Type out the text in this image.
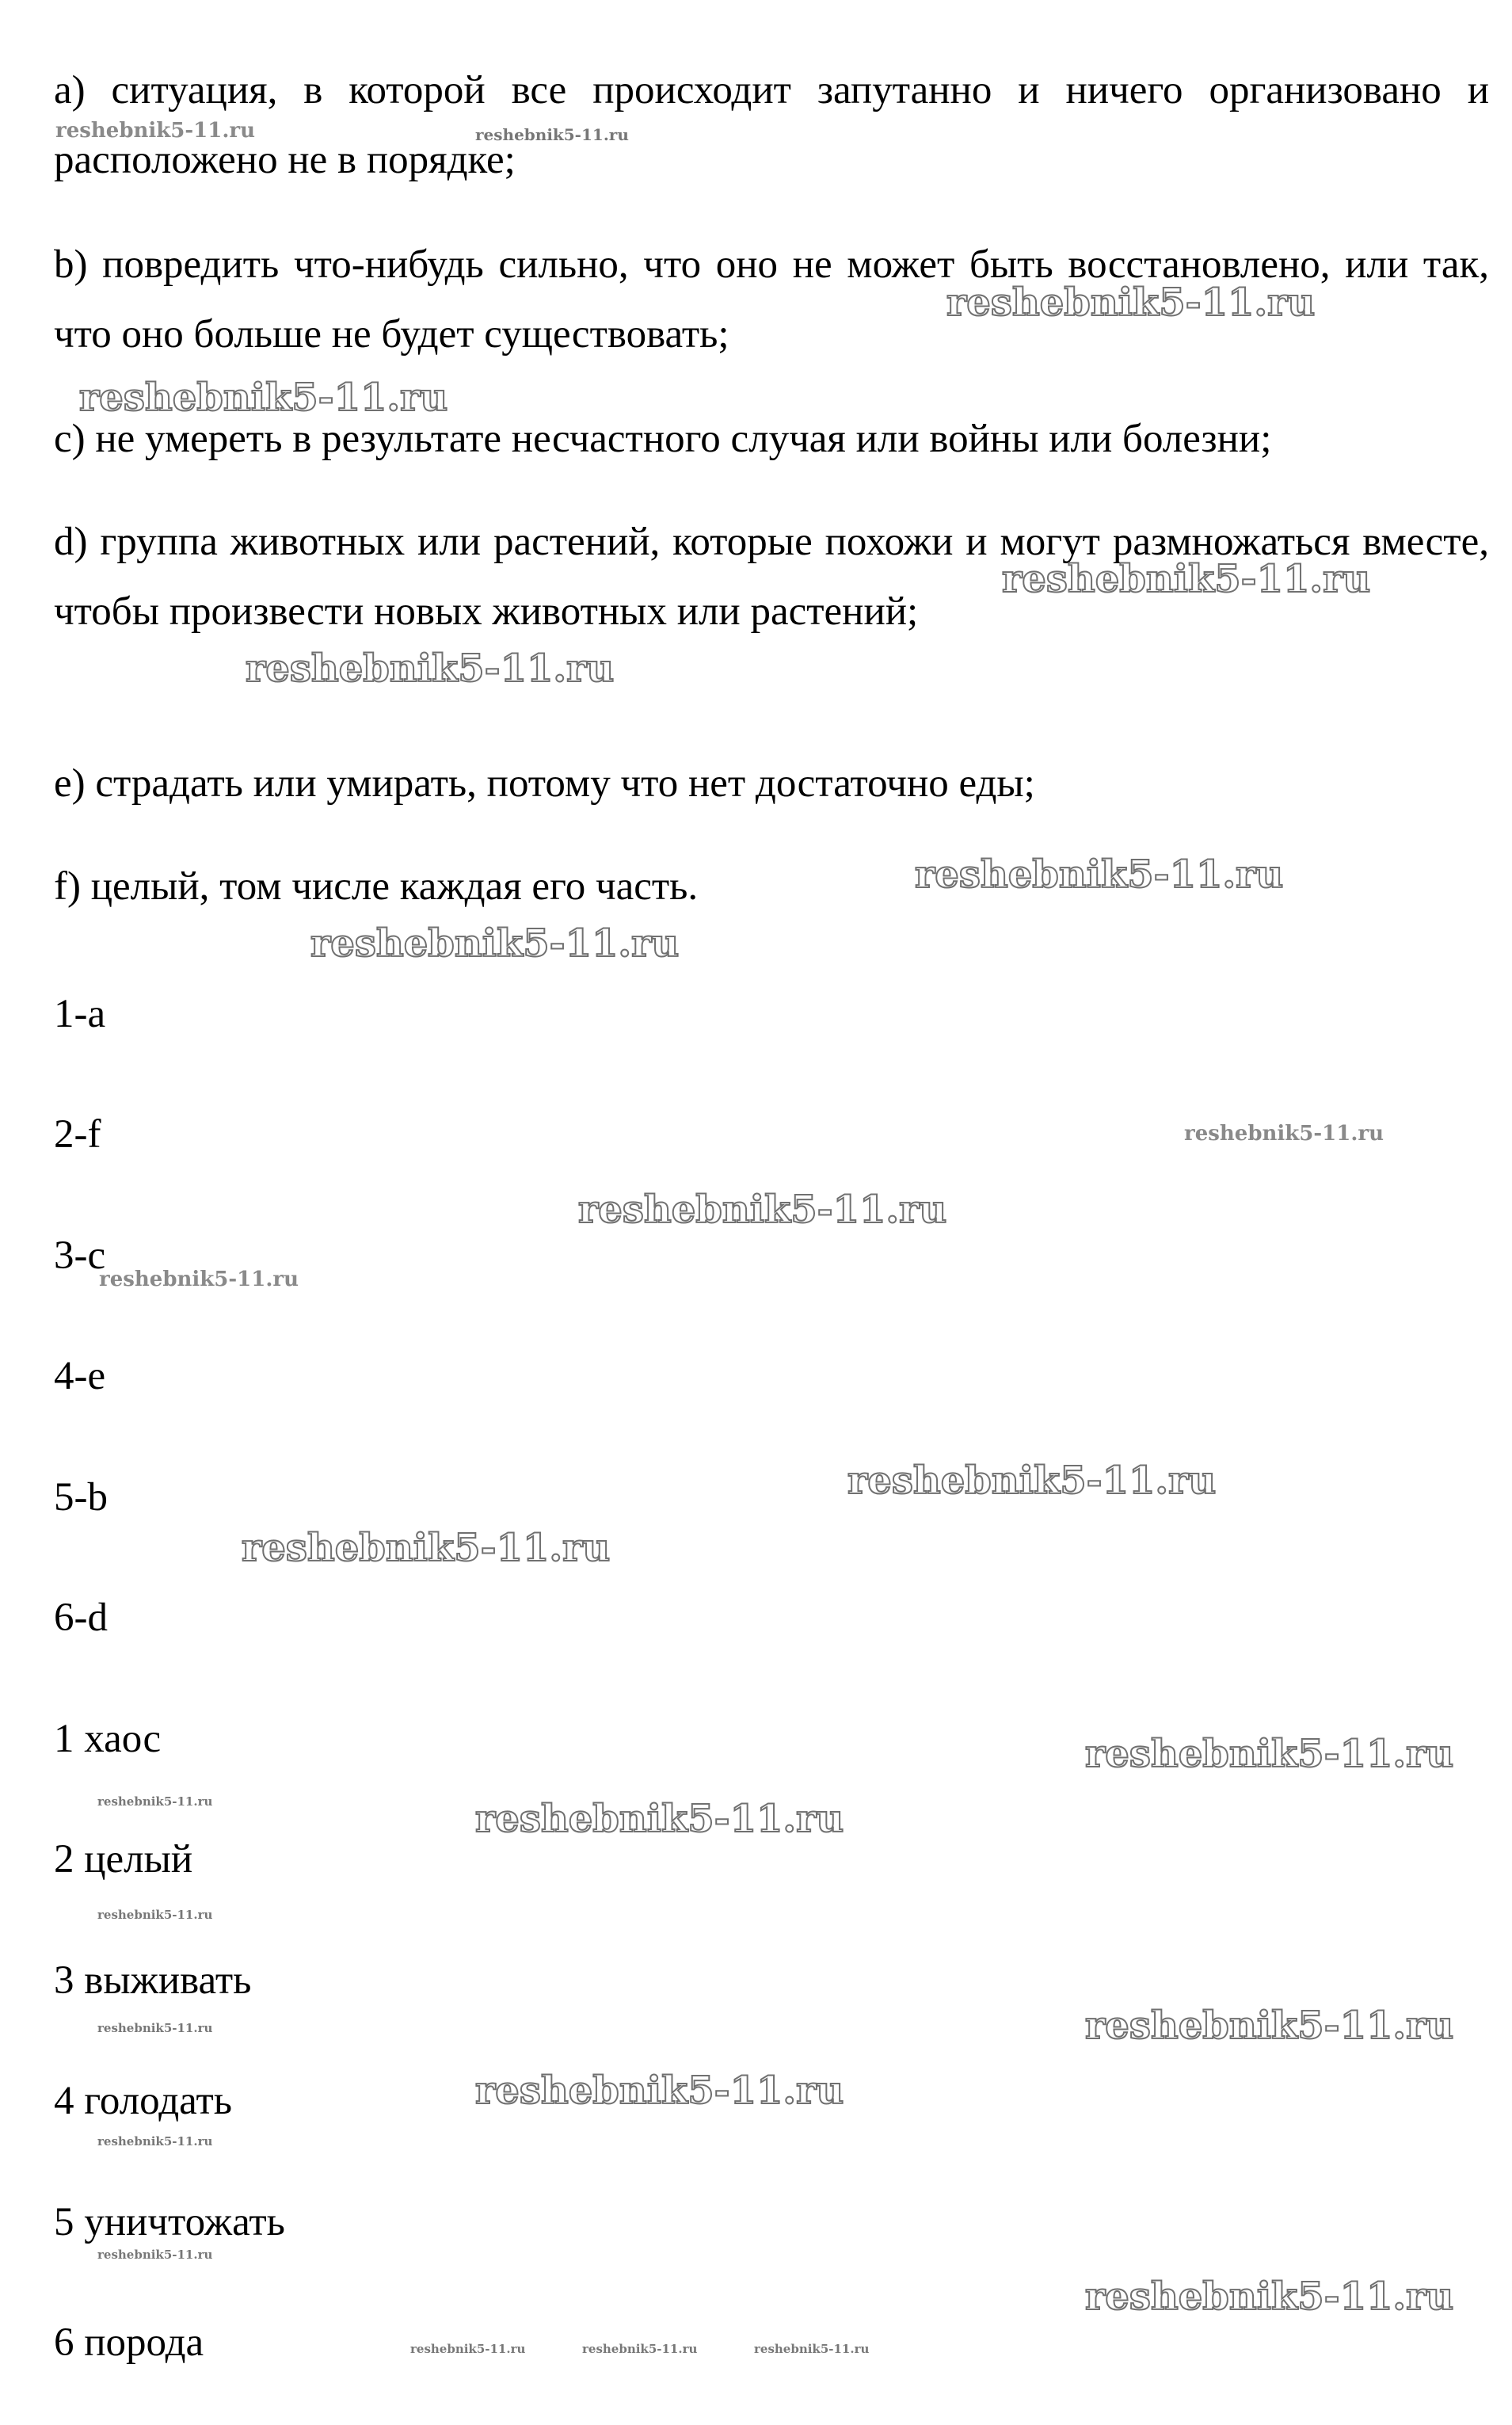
a) ситуация, в которой все происходит запутанно и ничего организовано и расположено не в порядке;

b) повредить что-нибудь сильно, что оно не может быть восстановлено, или так, что оно больше не будет существовать;

c) не умереть в результате несчастного случая или войны или болезни;

d) группа животных или растений, которые похожи и могут размножаться вместе, чтобы произвести новых животных или растений;

e) страдать или умирать, потому что нет достаточно еды;

f) целый, том числе каждая его часть.

1-a

2-f

3-c

4-e

5-b

6-d

1 хаос

2 целый

3 выживать

4 голодать

5 уничтожать

6 порода

reshebnik5-11.ru	reshebnik5-11.ru
reshebnik5-11.ru
reshebnik5-11.ru
reshebnik5-11.ru
reshebnik5-11.ru
reshebnik5-11.ru
reshebnik5-11.ru
reshebnik5-11.ru
reshebnik5-11.ru
reshebnik5-11.ru
reshebnik5-11.ru
reshebnik5-11.ru
reshebnik5-11.ru
reshebnik5-11.ru	reshebnik5-11.ru
reshebnik5-11.ru
reshebnik5-11.ru	reshebnik5-11.ru
reshebnik5-11.ru
reshebnik5-11.ru
reshebnik5-11.ru
reshebnik5-11.ru
reshebnik5-11.ru	reshebnik5-11.ru	reshebnik5-11.ru
